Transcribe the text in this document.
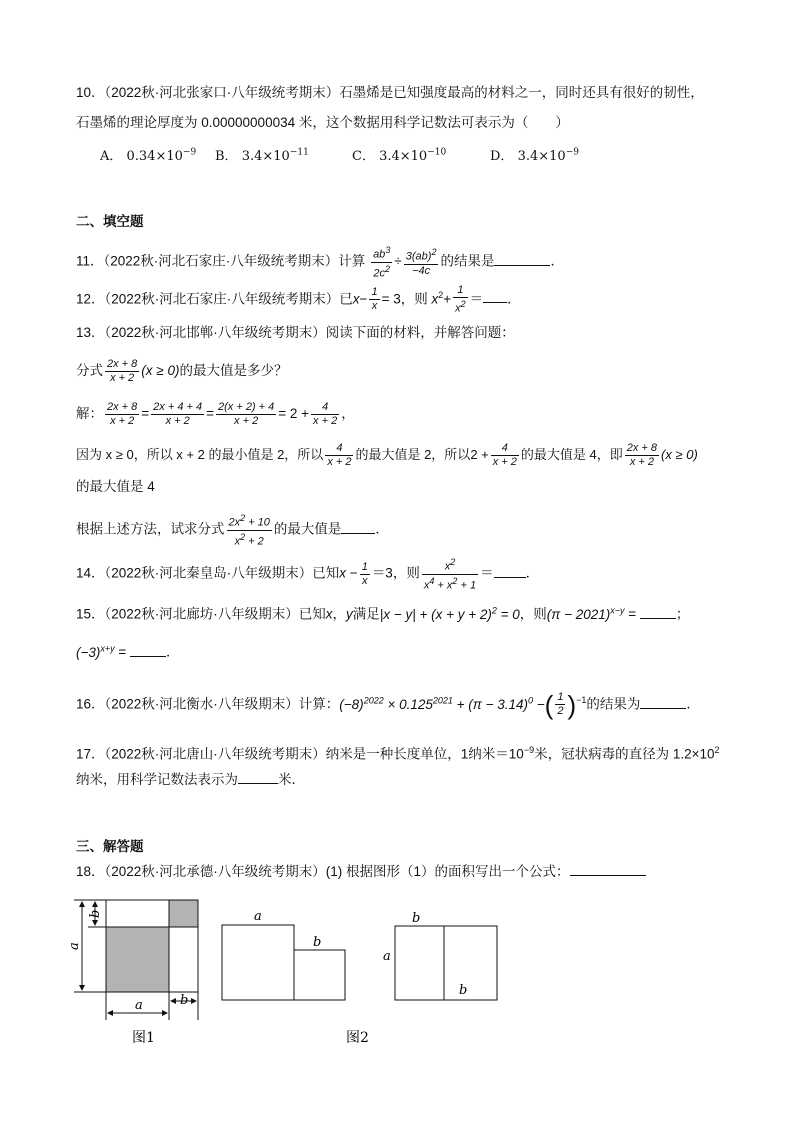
10．（2022秋·河北张家口·八年级统考期末）石墨烯是已知强度最高的材料之一，同时还具有很好的韧性，
石墨烯的理论厚度为 0.00000000034 米，这个数据用科学记数法可表示为（　　）
A． $0.34\times 10^{-9}$ B． $3.4\times 10^{-11}$	C． $3.4\times 10^{-10}$	D． $3.4\times 10^{-9}$
二、填空题
11．（2022秋·河北石家庄·八年级统考期末）计算 $\frac{ab^3}{2c^2} \div \frac{3(ab)^2}{-4c}$ 的结果是	．
12．（2022秋·河北石家庄·八年级统考期末）已$x- \frac{1}{x} = 3$，则 $x^2+ \frac{1}{x^2}$ ＝ ．
13．（2022秋·河北邯郸·八年级统考期末）阅读下面的材料，并解答问题：
分式 $\frac{2x + 8}{x + 2} (x \ge 0)$的最大值是多少？
解： $\frac{2x + 8}{x + 2} = \frac{2x + 4 + 4}{x + 2} = \frac{2(x + 2) + 4}{x + 2} = 2 + \frac{4}{x + 2}$ ，
因为 x ≥ 0，所以 x + 2 的最小值是 2，所以 $\frac{4}{x + 2}$ 的最大值是 2，所以$2 + \frac{4}{x + 2}$ 的最大值是 4，即 $\frac{2x + 8}{x + 2} (x \ge 0)$
的最大值是 4
根据上述方法，试求分式 $\frac{2x^2 + 10}{x^2 + 2}$ 的最大值是	．
14．（2022秋·河北秦皇岛·八年级期末）已知$x - \frac{1}{x} =3$，则 $\frac{x^2}{x^4 + x^2 + 1}$ ＝ ．
15．（2022秋·河北廊坊·八年级期末）已知x，y满足$|x - y| + (x + y + 2)^2 = 0$，则$(\pi - 2021)^{x-y}$ =	；
$(-3)^{x+y}$ =	．
16．（2022秋·河北衡水·八年级期末）计算：$(-8)^{2022} \times 0.125^{2021} + (\pi - 3.14)^0$ −( $\frac{1}{2} )^{-1}$的结果为	．
17．（2022秋·河北唐山·八年级统考期末）纳米是一种长度单位，1纳米$=10^{-9}$米，冠状病毒的直径为 $1.2\times 10^2$
纳米，用科学记数法表示为	米．
三、解答题
18．（2022秋·河北承德·八年级统考期末）(1) 根据图形（1）的面积写出一个公式：
a
b
a	b
图1
a
b
图2
b
a
b
